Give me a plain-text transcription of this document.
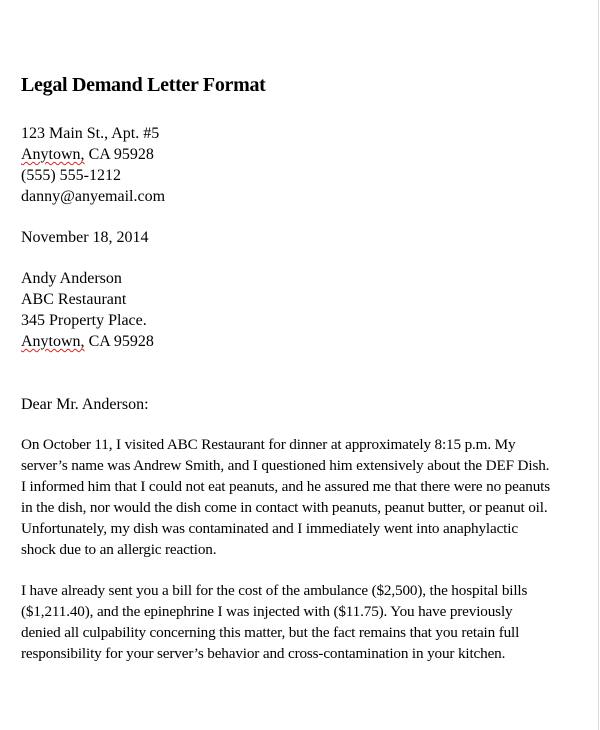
Legal Demand Letter Format
123 Main St., Apt. #5
Anytown, CA 95928
(555) 555-1212
danny@anyemail.com
November 18, 2014
Andy Anderson
ABC Restaurant
345 Property Place.
Anytown, CA 95928
Dear Mr. Anderson:
On October 11, I visited ABC Restaurant for dinner at approximately 8:15 p.m. My
server’s name was Andrew Smith, and I questioned him extensively about the DEF Dish.
I informed him that I could not eat peanuts, and he assured me that there were no peanuts
in the dish, nor would the dish come in contact with peanuts, peanut butter, or peanut oil.
Unfortunately, my dish was contaminated and I immediately went into anaphylactic
shock due to an allergic reaction.
I have already sent you a bill for the cost of the ambulance ($2,500), the hospital bills
($1,211.40), and the epinephrine I was injected with ($11.75). You have previously
denied all culpability concerning this matter, but the fact remains that you retain full
responsibility for your server’s behavior and cross-contamination in your kitchen.
